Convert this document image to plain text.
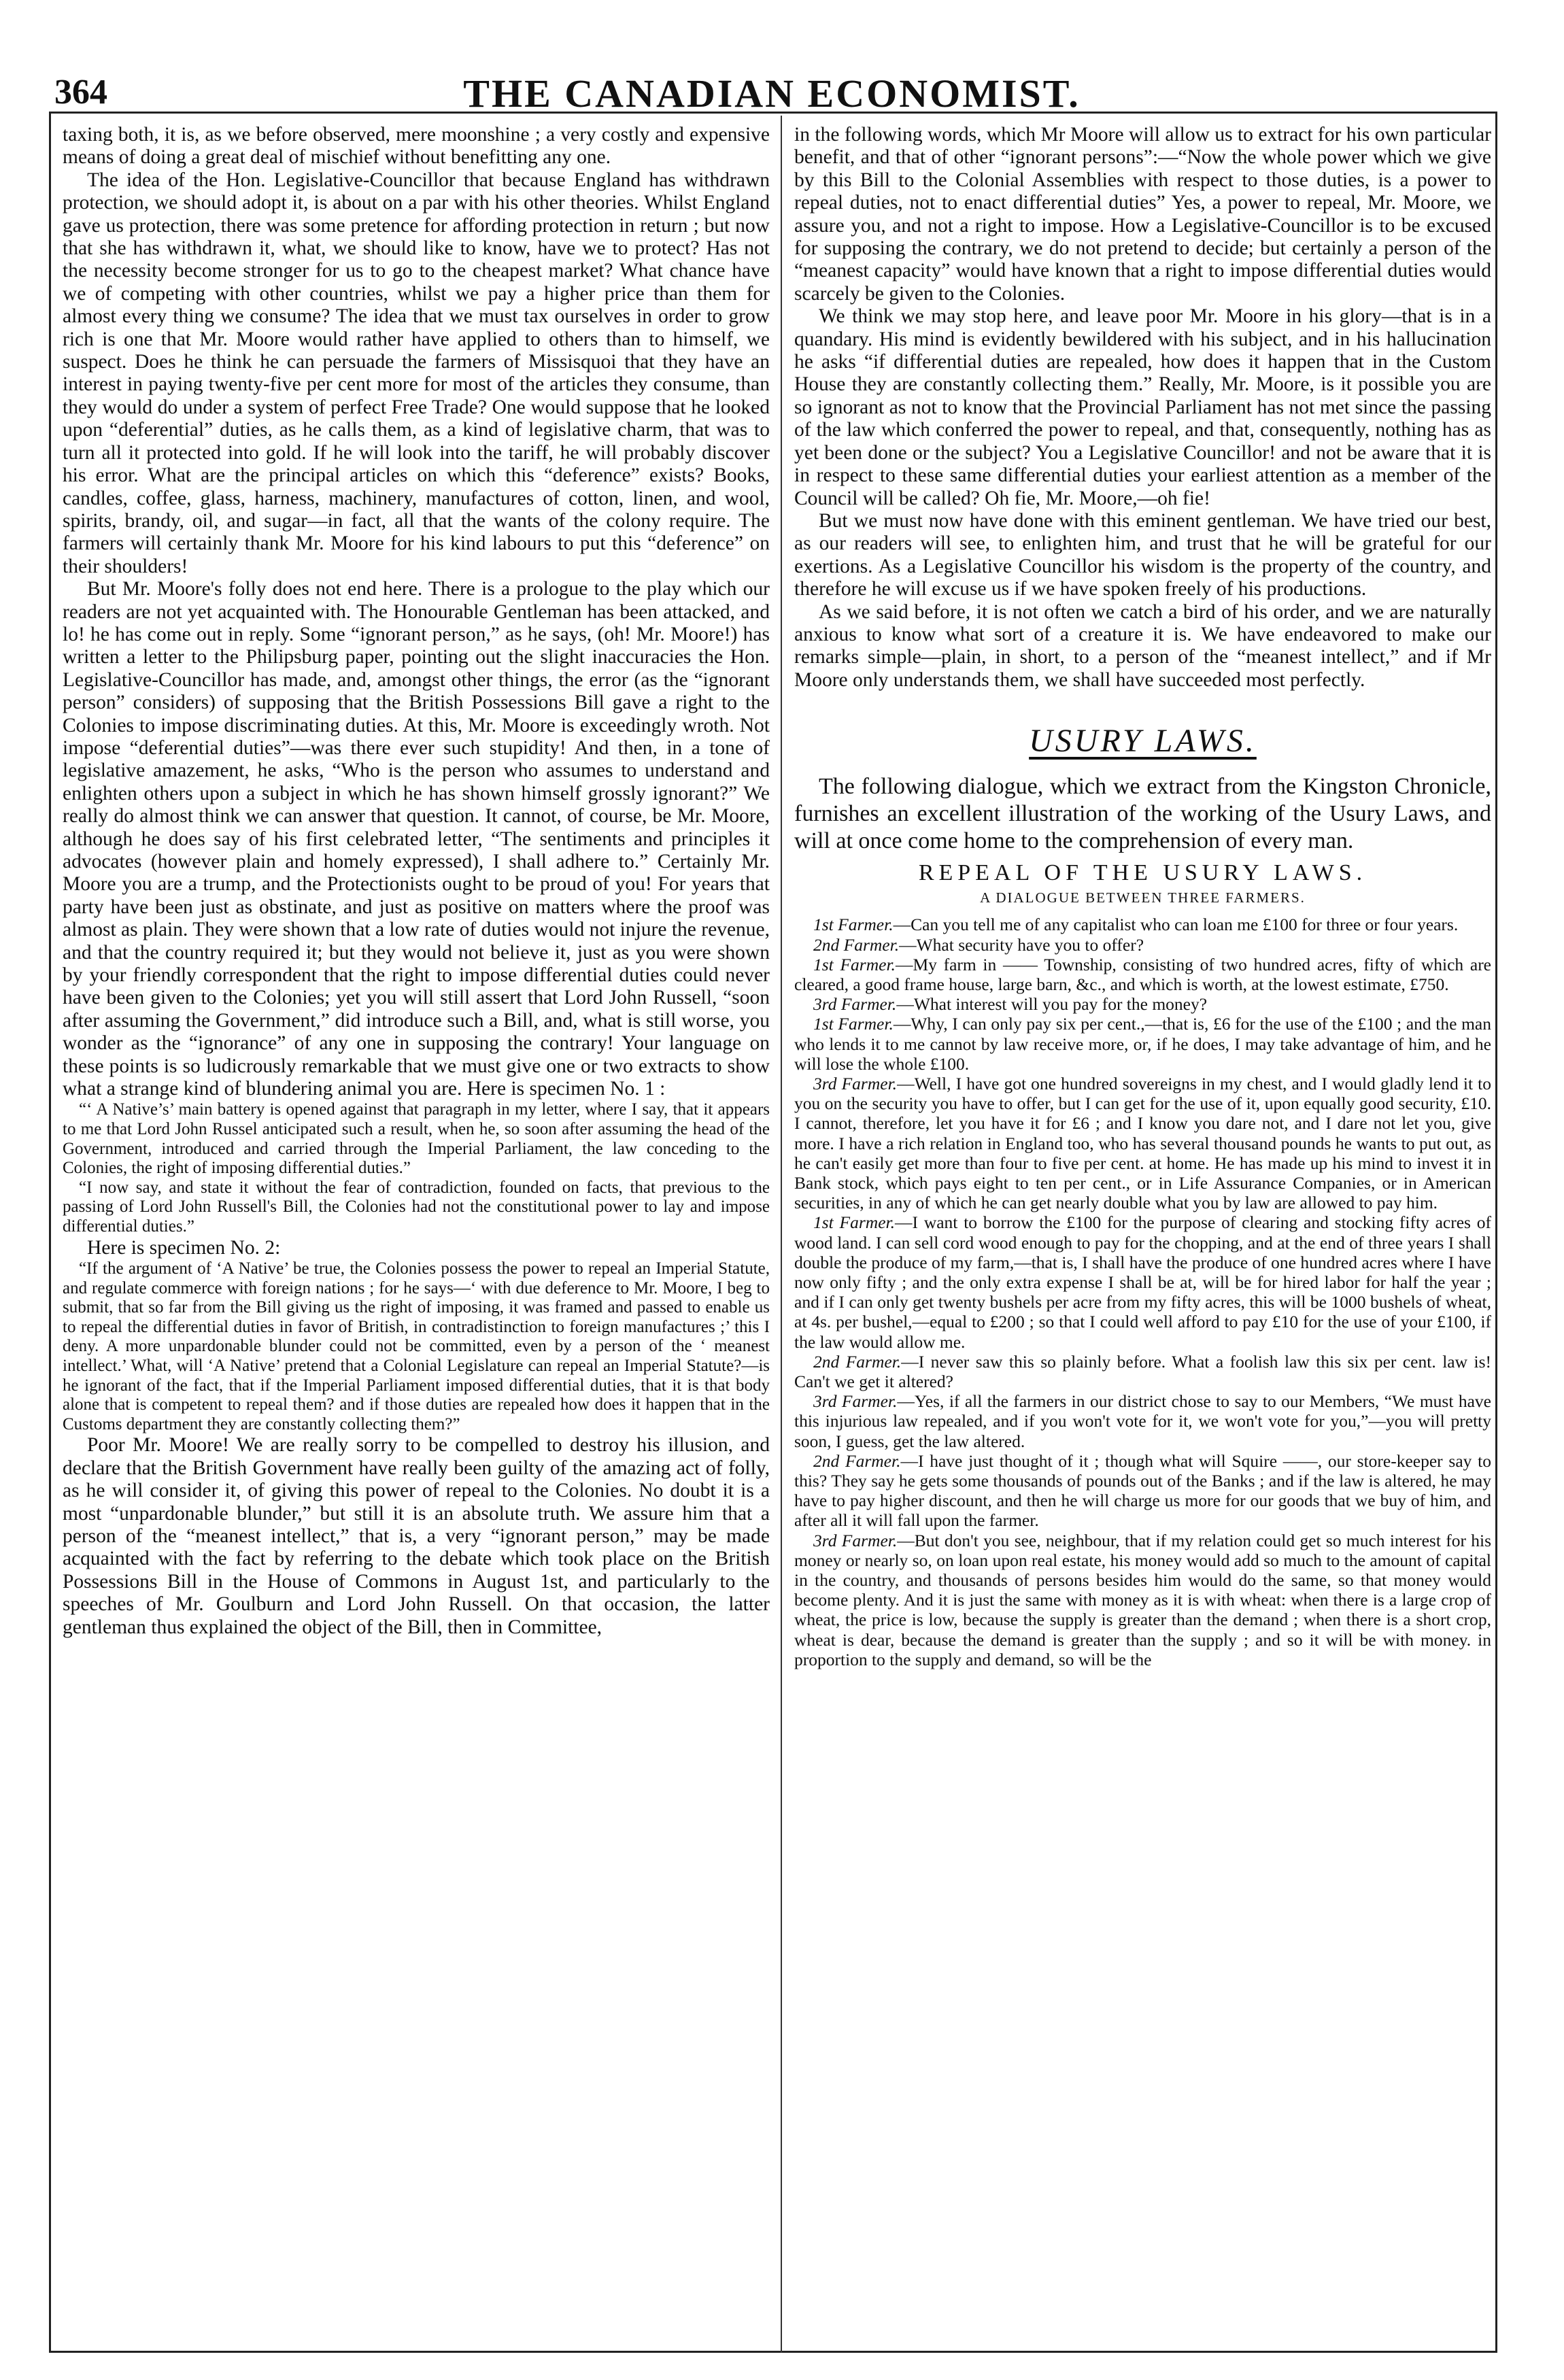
364	THE CANADIAN ECONOMIST.

taxing both, it is, as we before observed, mere moonshine ; a very costly and expensive means of doing a great deal of mischief without benefitting any one.

The idea of the Hon. Legislative-Councillor that because England has withdrawn protection, we should adopt it, is about on a par with his other theories. Whilst England gave us protection, there was some pretence for affording protection in return ; but now that she has withdrawn it, what, we should like to know, have we to protect? Has not the necessity become stronger for us to go to the cheapest market? What chance have we of competing with other countries, whilst we pay a higher price than them for almost every thing we consume? The idea that we must tax ourselves in order to grow rich is one that Mr. Moore would rather have applied to others than to himself, we suspect. Does he think he can persuade the farmers of Missisquoi that they have an interest in paying twenty-five per cent more for most of the articles they consume, than they would do under a system of perfect Free Trade? One would suppose that he looked upon “deferential” duties, as he calls them, as a kind of legislative charm, that was to turn all it protected into gold. If he will look into the tariff, he will probably discover his error. What are the principal articles on which this “deference” exists? Books, candles, coffee, glass, harness, machinery, manufactures of cotton, linen, and wool, spirits, brandy, oil, and sugar—in fact, all that the wants of the colony require. The farmers will certainly thank Mr. Moore for his kind labours to put this “deference” on their shoulders!

But Mr. Moore's folly does not end here. There is a prologue to the play which our readers are not yet acquainted with. The Honourable Gentleman has been attacked, and lo! he has come out in reply. Some “ignorant person,” as he says, (oh! Mr. Moore!) has written a letter to the Philipsburg paper, pointing out the slight inaccuracies the Hon. Legislative-Councillor has made, and, amongst other things, the error (as the “ignorant person” considers) of supposing that the British Possessions Bill gave a right to the Colonies to impose discriminating duties. At this, Mr. Moore is exceedingly wroth. Not impose “deferential duties”—was there ever such stupidity! And then, in a tone of legislative amazement, he asks, “Who is the person who assumes to understand and enlighten others upon a subject in which he has shown himself grossly ignorant?” We really do almost think we can answer that question. It cannot, of course, be Mr. Moore, although he does say of his first celebrated letter, “The sentiments and principles it advocates (however plain and homely expressed), I shall adhere to.” Certainly Mr. Moore you are a trump, and the Protectionists ought to be proud of you! For years that party have been just as obstinate, and just as positive on matters where the proof was almost as plain. They were shown that a low rate of duties would not injure the revenue, and that the country required it; but they would not believe it, just as you were shown by your friendly correspondent that the right to impose differential duties could never have been given to the Colonies; yet you will still assert that Lord John Russell, “soon after assuming the Government,” did introduce such a Bill, and, what is still worse, you wonder as the “ignorance” of any one in supposing the contrary! Your language on these points is so ludicrously remarkable that we must give one or two extracts to show what a strange kind of blundering animal you are. Here is specimen No. 1 :

“‘ A Native’s’ main battery is opened against that paragraph in my letter, where I say, that it appears to me that Lord John Russel anticipated such a result, when he, so soon after assuming the head of the Government, introduced and carried through the Imperial Parliament, the law conceding to the Colonies, the right of imposing differential duties.”

“I now say, and state it without the fear of contradiction, founded on facts, that previous to the passing of Lord John Russell's Bill, the Colonies had not the constitutional power to lay and impose differential duties.”

Here is specimen No. 2:

“If the argument of ‘A Native’ be true, the Colonies possess the power to repeal an Imperial Statute, and regulate commerce with foreign nations ; for he says—‘ with due deference to Mr. Moore, I beg to submit, that so far from the Bill giving us the right of imposing, it was framed and passed to enable us to repeal the differential duties in favor of British, in contradistinction to foreign manufactures ;’ this I deny. A more unpardonable blunder could not be committed, even by a person of the ‘ meanest intellect.’ What, will ‘A Native’ pretend that a Colonial Legislature can repeal an Imperial Statute?—is he ignorant of the fact, that if the Imperial Parliament imposed differential duties, that it is that body alone that is competent to repeal them? and if those duties are repealed how does it happen that in the Customs department they are constantly collecting them?”

Poor Mr. Moore! We are really sorry to be compelled to destroy his illusion, and declare that the British Government have really been guilty of the amazing act of folly, as he will consider it, of giving this power of repeal to the Colonies. No doubt it is a most “unpardonable blunder,” but still it is an absolute truth. We assure him that a person of the “meanest intellect,” that is, a very “ignorant person,” may be made acquainted with the fact by referring to the debate which took place on the British Possessions Bill in the House of Commons in August 1st, and particularly to the speeches of Mr. Goulburn and Lord John Russell. On that occasion, the latter gentleman thus explained the object of the Bill, then in Committee,

in the following words, which Mr Moore will allow us to extract for his own particular benefit, and that of other “ignorant persons”:—“Now the whole power which we give by this Bill to the Colonial Assemblies with respect to those duties, is a power to repeal duties, not to enact differential duties” Yes, a power to repeal, Mr. Moore, we assure you, and not a right to impose. How a Legislative-Councillor is to be excused for supposing the contrary, we do not pretend to decide; but certainly a person of the “meanest capacity” would have known that a right to impose differential duties would scarcely be given to the Colonies.

We think we may stop here, and leave poor Mr. Moore in his glory—that is in a quandary. His mind is evidently bewildered with his subject, and in his hallucination he asks “if differential duties are repealed, how does it happen that in the Custom House they are constantly collecting them.” Really, Mr. Moore, is it possible you are so ignorant as not to know that the Provincial Parliament has not met since the passing of the law which conferred the power to repeal, and that, consequently, nothing has as yet been done or the subject? You a Legislative Councillor! and not be aware that it is in respect to these same differential duties your earliest attention as a member of the Council will be called? Oh fie, Mr. Moore,—oh fie!

But we must now have done with this eminent gentleman. We have tried our best, as our readers will see, to enlighten him, and trust that he will be grateful for our exertions. As a Legislative Councillor his wisdom is the property of the country, and therefore he will excuse us if we have spoken freely of his productions.

As we said before, it is not often we catch a bird of his order, and we are naturally anxious to know what sort of a creature it is. We have endeavored to make our remarks simple—plain, in short, to a person of the “meanest intellect,” and if Mr Moore only understands them, we shall have succeeded most perfectly.

USURY LAWS.

The following dialogue, which we extract from the Kingston Chronicle, furnishes an excellent illustration of the working of the Usury Laws, and will at once come home to the comprehension of every man.

REPEAL OF THE USURY LAWS.
A DIALOGUE BETWEEN THREE FARMERS.

1st Farmer.—Can you tell me of any capitalist who can loan me £100 for three or four years.

2nd Farmer.—What security have you to offer?

1st Farmer.—My farm in —— Township, consisting of two hundred acres, fifty of which are cleared, a good frame house, large barn, &c., and which is worth, at the lowest estimate, £750.

3rd Farmer.—What interest will you pay for the money?

1st Farmer.—Why, I can only pay six per cent.,—that is, £6 for the use of the £100 ; and the man who lends it to me cannot by law receive more, or, if he does, I may take advantage of him, and he will lose the whole £100.

3rd Farmer.—Well, I have got one hundred sovereigns in my chest, and I would gladly lend it to you on the security you have to offer, but I can get for the use of it, upon equally good security, £10. I cannot, therefore, let you have it for £6 ; and I know you dare not, and I dare not let you, give more. I have a rich relation in England too, who has several thousand pounds he wants to put out, as he can't easily get more than four to five per cent. at home. He has made up his mind to invest it in Bank stock, which pays eight to ten per cent., or in Life Assurance Companies, or in American securities, in any of which he can get nearly double what you by law are allowed to pay him.

1st Farmer.—I want to borrow the £100 for the purpose of clearing and stocking fifty acres of wood land. I can sell cord wood enough to pay for the chopping, and at the end of three years I shall double the produce of my farm,—that is, I shall have the produce of one hundred acres where I have now only fifty ; and the only extra expense I shall be at, will be for hired labor for half the year ; and if I can only get twenty bushels per acre from my fifty acres, this will be 1000 bushels of wheat, at 4s. per bushel,—equal to £200 ; so that I could well afford to pay £10 for the use of your £100, if the law would allow me.

2nd Farmer.—I never saw this so plainly before. What a foolish law this six per cent. law is! Can't we get it altered?

3rd Farmer.—Yes, if all the farmers in our district chose to say to our Members, “We must have this injurious law repealed, and if you won't vote for it, we won't vote for you,”—you will pretty soon, I guess, get the law altered.

2nd Farmer.—I have just thought of it ; though what will Squire ——, our store-keeper say to this? They say he gets some thousands of pounds out of the Banks ; and if the law is altered, he may have to pay higher discount, and then he will charge us more for our goods that we buy of him, and after all it will fall upon the farmer.

3rd Farmer.—But don't you see, neighbour, that if my relation could get so much interest for his money or nearly so, on loan upon real estate, his money would add so much to the amount of capital in the country, and thousands of persons besides him would do the same, so that money would become plenty. And it is just the same with money as it is with wheat: when there is a large crop of wheat, the price is low, because the supply is greater than the demand ; when there is a short crop, wheat is dear, because the demand is greater than the supply ; and so it will be with money. in proportion to the supply and demand, so will be the
